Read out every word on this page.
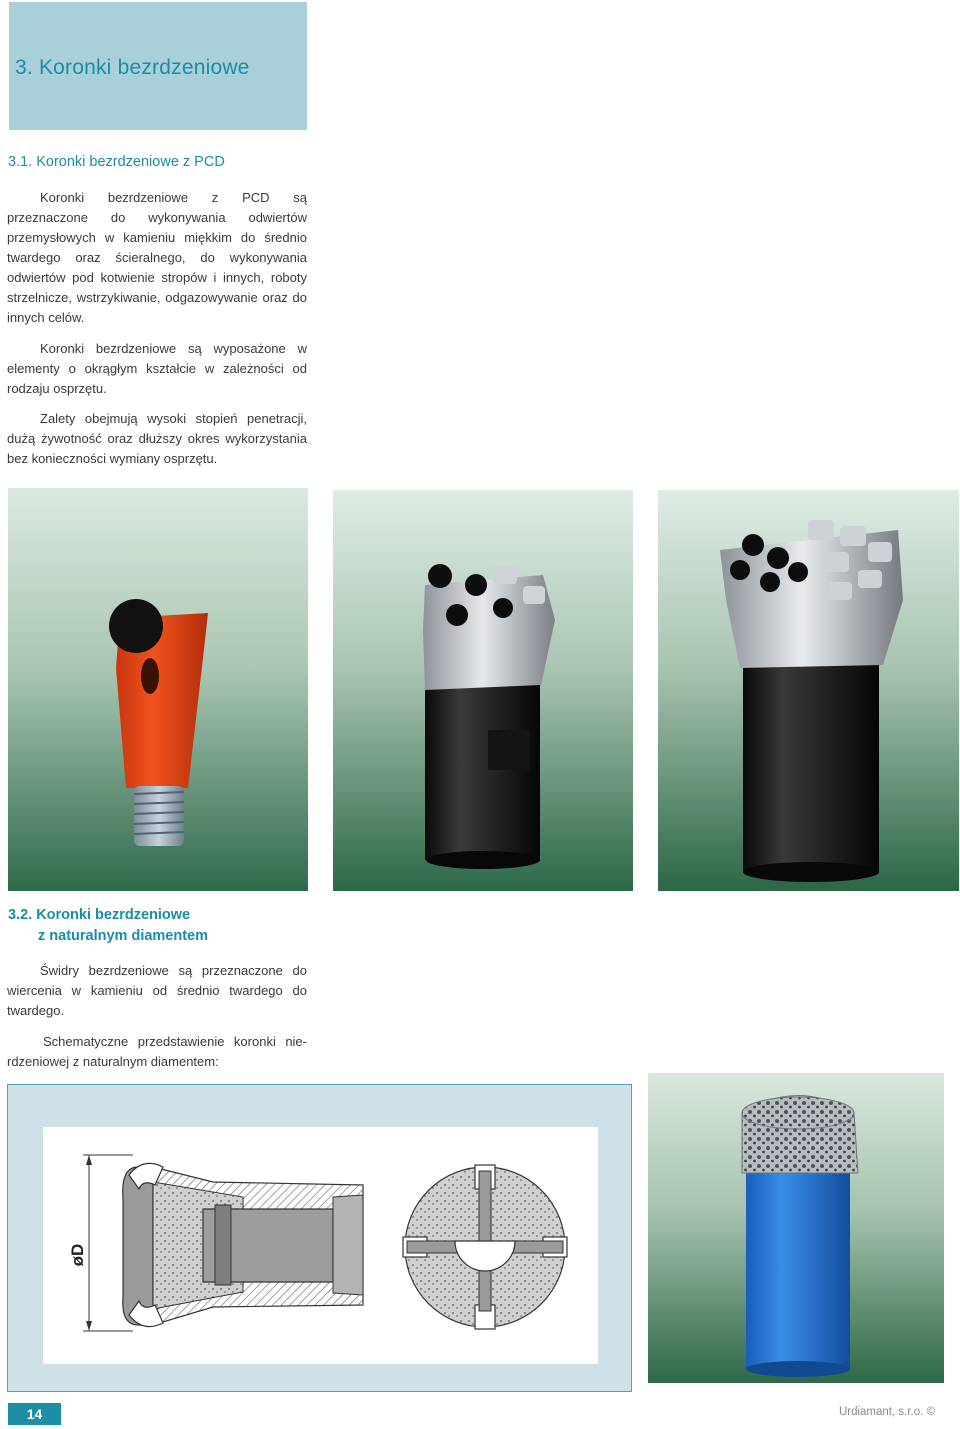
3. Koronki bezrdzeniowe
3.1. Koronki bezrdzeniowe z PCD
Koronki bezrdzeniowe z PCD są przeznaczone do wykonywania odwiertów przemysłowych w kamieniu miękkim do średnio twardego oraz ścieralnego, do wykonywania odwiertów pod kotwienie stropów i innych, roboty strzelnicze, wstrzykiwanie, odgazowywanie oraz do innych celów.
Koronki bezrdzeniowe są wyposażone w elementy o okrągłym kształcie w zależności od rodzaju osprzętu.
Zalety obejmują wysoki stopień penetracji, dużą żywotność oraz dłuższy okres wykorzystania bez konieczności wymiany osprzętu.
3.2. Koronki bezrdzeniowe
z naturalnym diamentem
Świdry bezrdzeniowe są przeznaczone do wiercenia w kamieniu od średnio twardego do twardego.
Schematyczne przedstawienie koronki nie-rdzeniowej z naturalnym diamentem:
øD
14	Urdiamant, s.r.o. ©
